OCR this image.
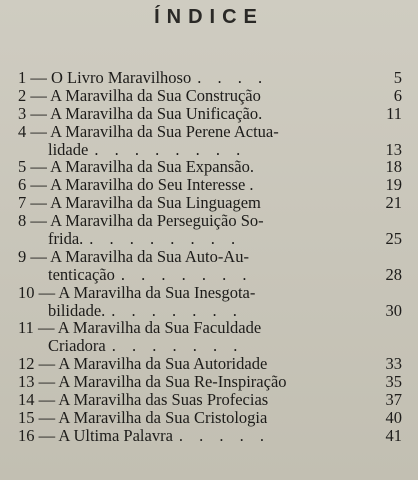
ÍNDICE
1 — O Livro Maravilhoso . . . .	5
2 — A Maravilha da Sua Construção	6
3 — A Maravilha da Sua Unificação.	11
4 — A Maravilha da Sua Perene Actua-
lidade . . . . . . . .	13
5 — A Maravilha da Sua Expansão.	18
6 — A Maravilha do Seu Interesse .	19
7 — A Maravilha da Sua Linguagem	21
8 — A Maravilha da Perseguição So-
frida. . . . . . . . .	25
9 — A Maravilha da Sua Auto-Au-
tenticação . . . . . . .	28
10 — A Maravilha da Sua Inesgota-
bilidade. . . . . . . .	30
11 — A Maravilha da Sua Faculdade
Criadora . . . . . . .
12 — A Maravilha da Sua Autoridade	33
13 — A Maravilha da Sua Re-Inspiração	35
14 — A Maravilha das Suas Profecias	37
15 — A Maravilha da Sua Cristologia	40
16 — A Ultima Palavra . . . . .	41
